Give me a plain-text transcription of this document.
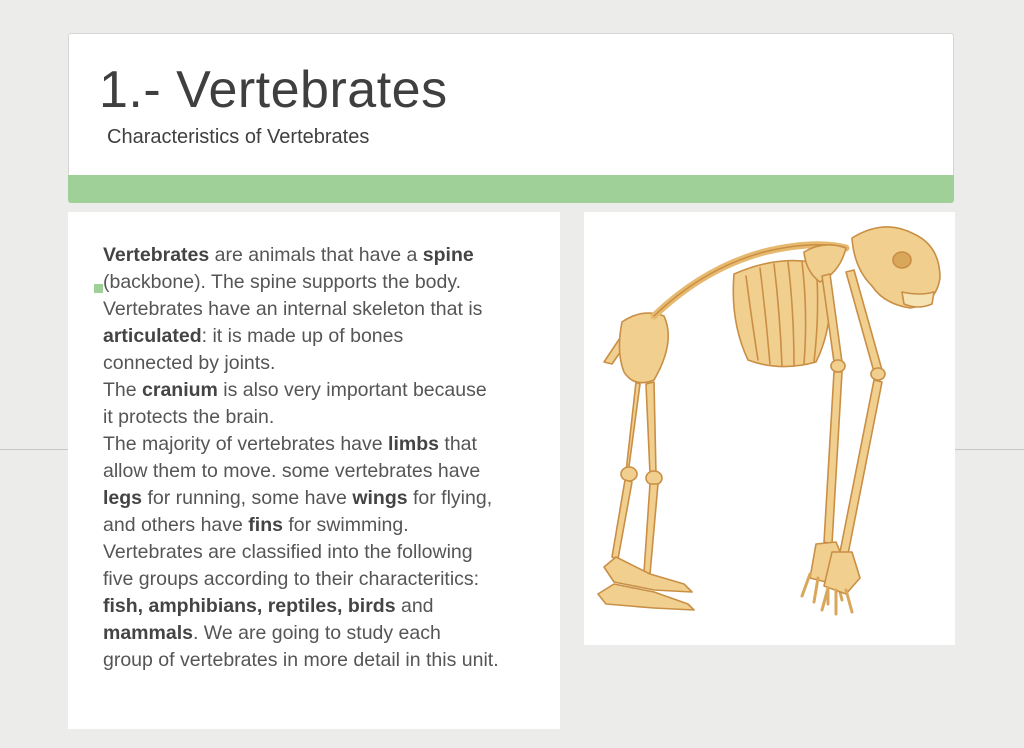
1.- Vertebrates

Characteristics of Vertebrates

Vertebrates are animals that have a spine
(backbone). The spine supports the body.
Vertebrates have an internal skeleton that is
articulated: it is made up of bones
connected by joints.
The cranium is also very important because
it protects the brain.
The majority of vertebrates have limbs that
allow them to move. some vertebrates have
legs for running, some have wings for flying,
and others have fins for swimming.
Vertebrates are classified into the following
five groups according to their characteritics:
fish, amphibians, reptiles, birds and
mammals. We are going to study each
group of vertebrates in more detail in this unit.
